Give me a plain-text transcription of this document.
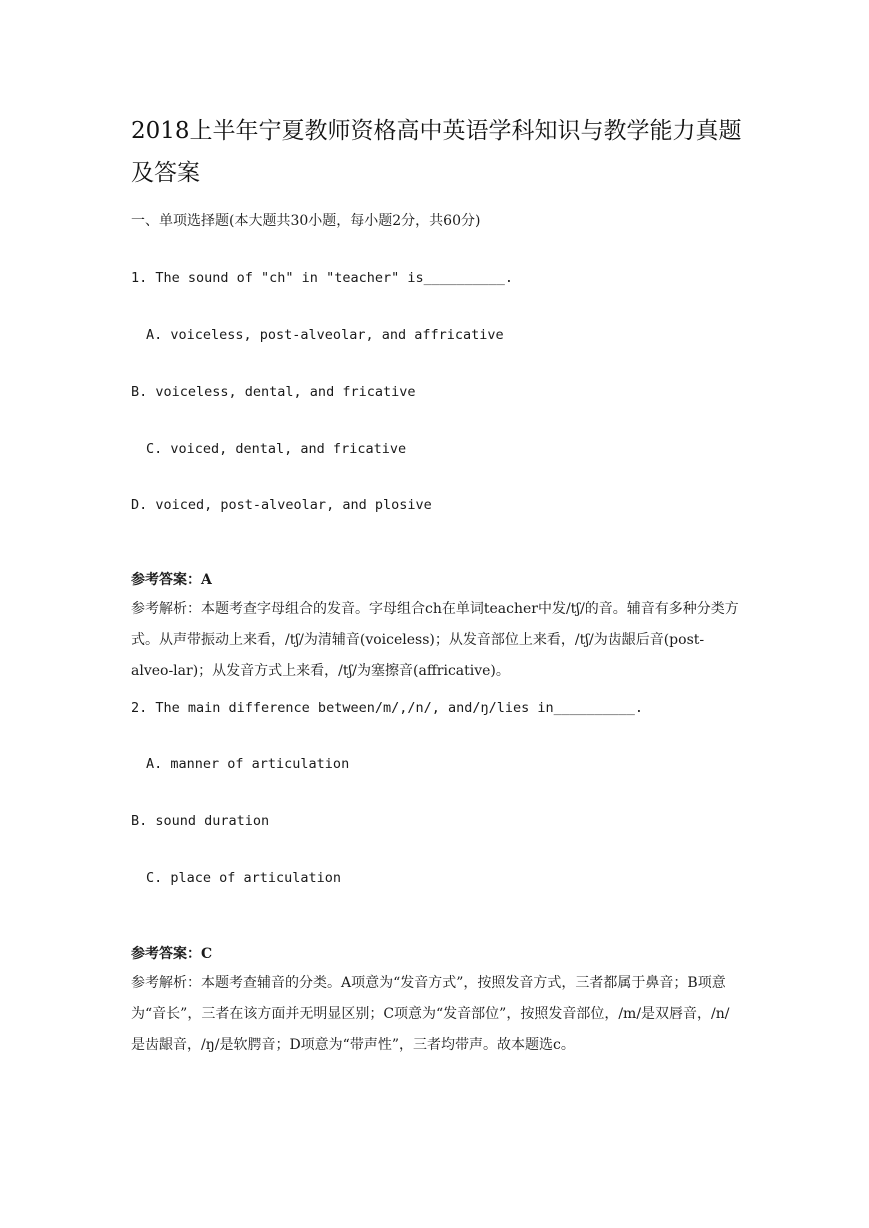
2018上半年宁夏教师资格高中英语学科知识与教学能力真题及答案
一、单项选择题(本大题共30小题，每小题2分，共60分)
1. The sound of "ch" in "teacher" is__________.
A. voiceless, post-alveolar, and affricative
B. voiceless, dental, and fricative
C. voiced, dental, and fricative
D. voiced, post-alveolar, and plosive
参考答案：A
参考解析：本题考查字母组合的发音。字母组合ch在单词teacher中发/tʃ/的音。辅音有多种分类方式。从声带振动上来看，/tʃ/为清辅音(voiceless)；从发音部位上来看，/tʃ/为齿龈后音(post-alveo-lar)；从发音方式上来看，/tʃ/为塞擦音(affricative)。
2. The main difference between/m/,/n/, and/ŋ/lies in__________.
A. manner of articulation
B. sound duration
C. place of articulation
参考答案：C
参考解析：本题考查辅音的分类。A项意为“发音方式”，按照发音方式，三者都属于鼻音；B项意为“音长”，三者在该方面并无明显区别；C项意为“发音部位”，按照发音部位，/m/是双唇音，/n/是齿龈音，/ŋ/是软腭音；D项意为“带声性”，三者均带声。故本题选c。
